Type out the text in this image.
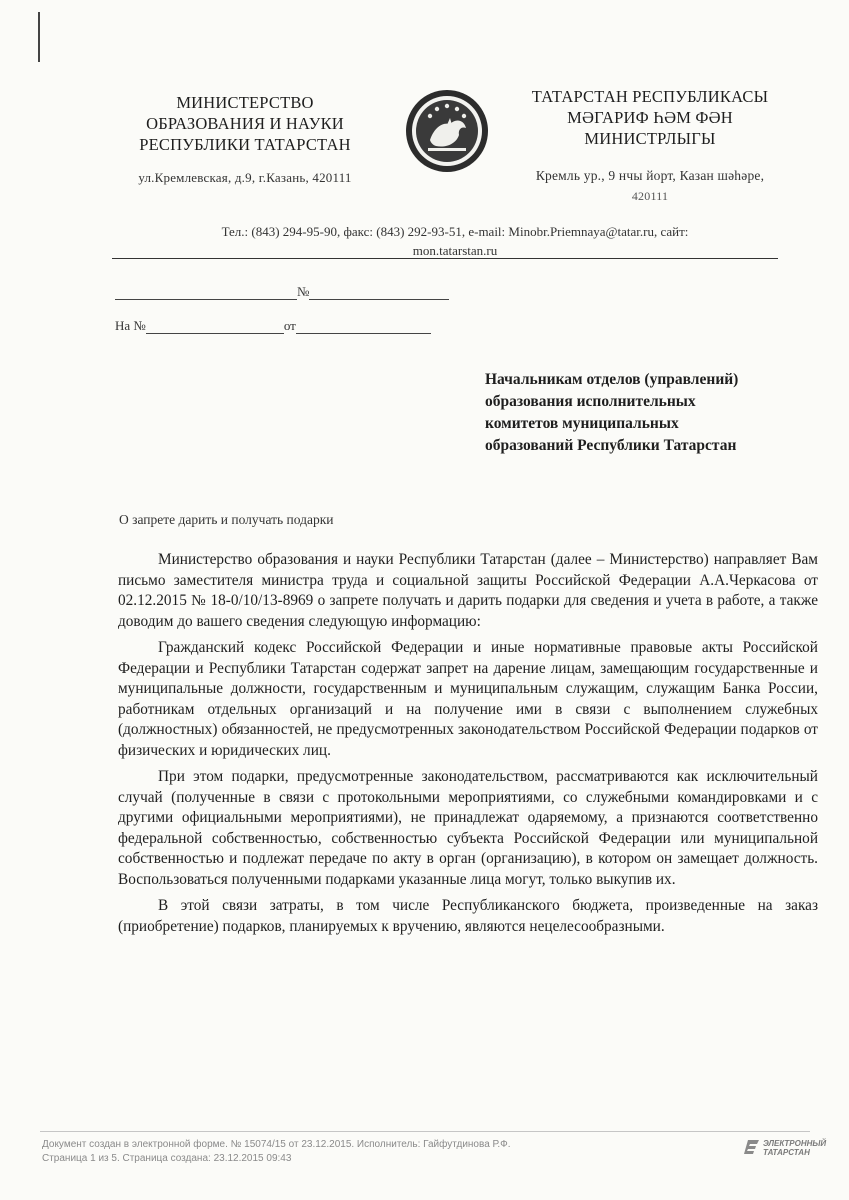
МИНИСТЕРСТВО
ОБРАЗОВАНИЯ И НАУКИ
РЕСПУБЛИКИ ТАТАРСТАН
ул.Кремлевская, д.9, г.Казань, 420111
ТАТАРСТАН РЕСПУБЛИКАСЫ
МӘГАРИФ ҺӘМ ФӘН
МИНИСТРЛЫГЫ
Кремль ур., 9 нчы йорт, Казан шәһәре,
420111
Тел.: (843) 294-95-90, факс: (843) 292-93-51, e-mail: Minobr.Priemnaya@tatar.ru, сайт:
mon.tatarstan.ru
№
На №	от
Начальникам отделов (управлений)
образования исполнительных
комитетов муниципальных
образований Республики Татарстан
О запрете дарить и получать подарки

Министерство образования и науки Республики Татарстан (далее – Министерство) направляет Вам письмо заместителя министра труда и социальной защиты Российской Федерации А.А.Черкасова от 02.12.2015 № 18-0/10/13-8969 о запрете получать и дарить подарки для сведения и учета в работе, а также доводим до вашего сведения следующую информацию:

Гражданский кодекс Российской Федерации и иные нормативные правовые акты Российской Федерации и Республики Татарстан содержат запрет на дарение лицам, замещающим государственные и муниципальные должности, государственным и муниципальным служащим, служащим Банка России, работникам отдельных организаций и на получение ими в связи с выполнением служебных (должностных) обязанностей, не предусмотренных законодательством Российской Федерации подарков от физических и юридических лиц.

При этом подарки, предусмотренные законодательством, рассматриваются как исключительный случай (полученные в связи с протокольными мероприятиями, со служебными командировками и с другими официальными мероприятиями), не принадлежат одаряемому, а признаются соответственно федеральной собственностью, собственностью субъекта Российской Федерации или муниципальной собственностью и подлежат передаче по акту в орган (организацию), в котором он замещает должность. Воспользоваться полученными подарками указанные лица могут, только выкупив их.

В этой связи затраты, в том числе Республиканского бюджета, произведенные на заказ (приобретение) подарков, планируемых к вручению, являются нецелесообразными.

Документ создан в электронной форме. № 15074/15 от 23.12.2015. Исполнитель: Гайфутдинова Р.Ф.
Страница 1 из 5. Страница создана: 23.12.2015 09:43
ЭЛЕКТРОННЫЙ
ТАТАРСТАН
